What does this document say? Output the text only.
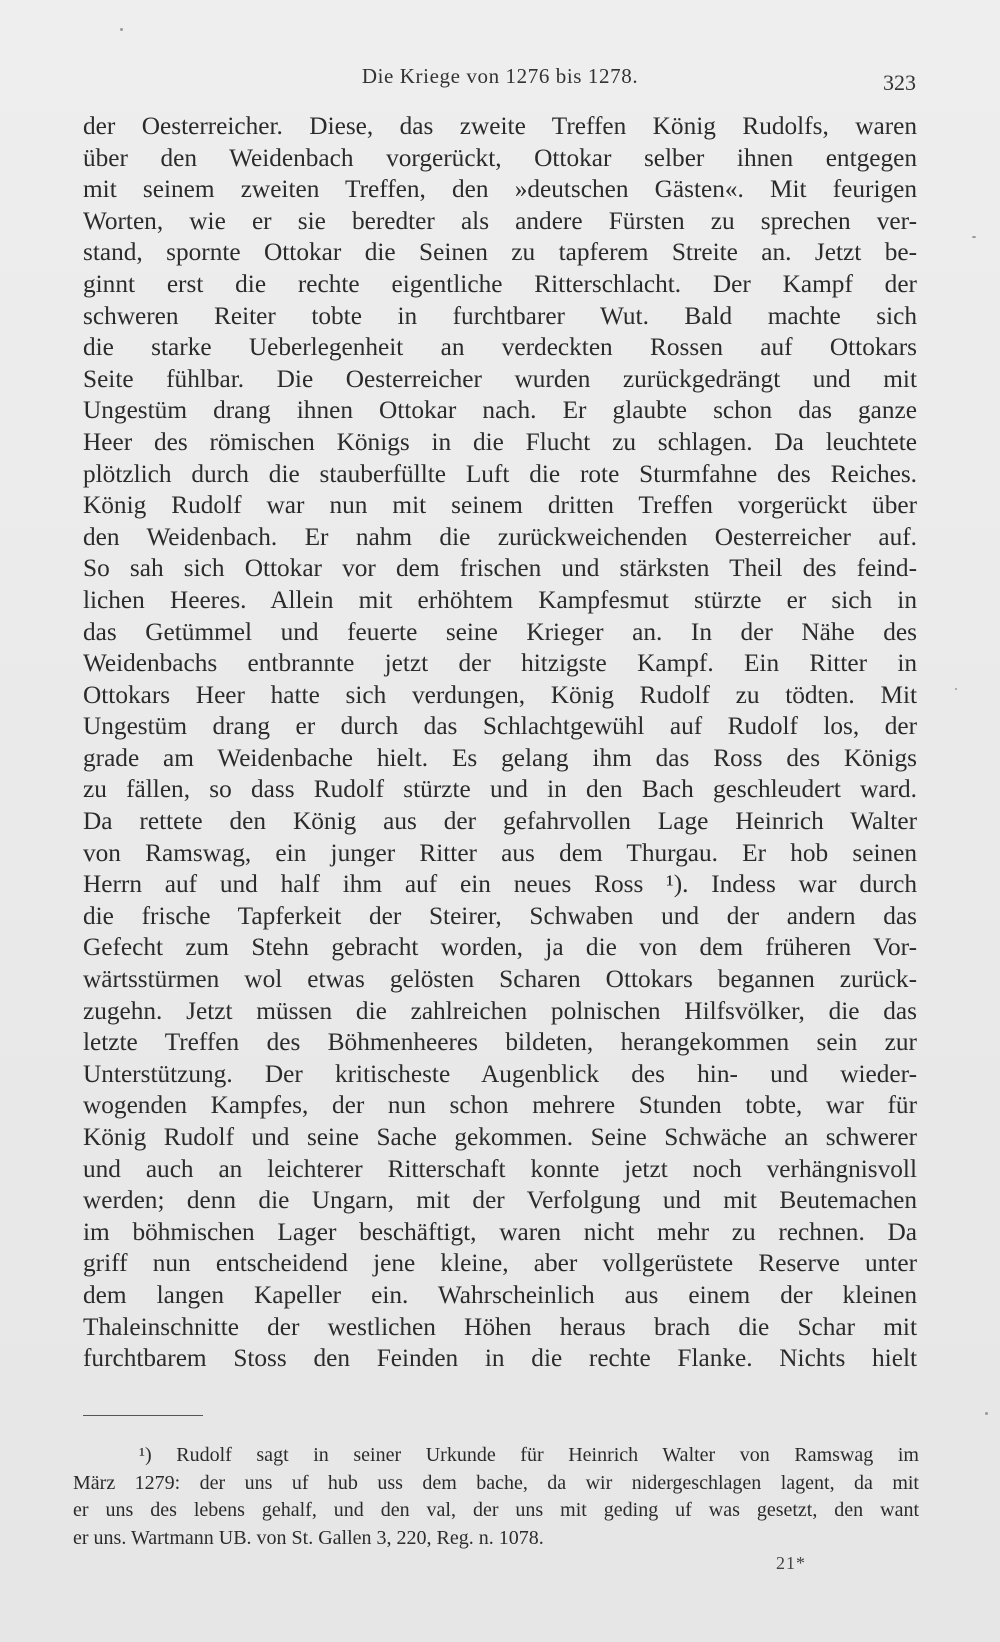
Die Kriege von 1276 bis 1278.	323
der Oesterreicher. Diese, das zweite Treffen König Rudolfs, waren
über den Weidenbach vorgerückt, Ottokar selber ihnen entgegen
mit seinem zweiten Treffen, den »deutschen Gästen«. Mit feurigen
Worten, wie er sie beredter als andere Fürsten zu sprechen ver-
stand, spornte Ottokar die Seinen zu tapferem Streite an. Jetzt be-
ginnt erst die rechte eigentliche Ritterschlacht. Der Kampf der
schweren Reiter tobte in furchtbarer Wut. Bald machte sich
die starke Ueberlegenheit an verdeckten Rossen auf Ottokars
Seite fühlbar. Die Oesterreicher wurden zurückgedrängt und mit
Ungestüm drang ihnen Ottokar nach. Er glaubte schon das ganze
Heer des römischen Königs in die Flucht zu schlagen. Da leuchtete
plötzlich durch die stauberfüllte Luft die rote Sturmfahne des Reiches.
König Rudolf war nun mit seinem dritten Treffen vorgerückt über
den Weidenbach. Er nahm die zurückweichenden Oesterreicher auf.
So sah sich Ottokar vor dem frischen und stärksten Theil des feind-
lichen Heeres. Allein mit erhöhtem Kampfesmut stürzte er sich in
das Getümmel und feuerte seine Krieger an. In der Nähe des
Weidenbachs entbrannte jetzt der hitzigste Kampf. Ein Ritter in
Ottokars Heer hatte sich verdungen, König Rudolf zu tödten. Mit
Ungestüm drang er durch das Schlachtgewühl auf Rudolf los, der
grade am Weidenbache hielt. Es gelang ihm das Ross des Königs
zu fällen, so dass Rudolf stürzte und in den Bach geschleudert ward.
Da rettete den König aus der gefahrvollen Lage Heinrich Walter
von Ramswag, ein junger Ritter aus dem Thurgau. Er hob seinen
Herrn auf und half ihm auf ein neues Ross ¹). Indess war durch
die frische Tapferkeit der Steirer, Schwaben und der andern das
Gefecht zum Stehn gebracht worden, ja die von dem früheren Vor-
wärtsstürmen wol etwas gelösten Scharen Ottokars begannen zurück-
zugehn. Jetzt müssen die zahlreichen polnischen Hilfsvölker, die das
letzte Treffen des Böhmenheeres bildeten, herangekommen sein zur
Unterstützung. Der kritischeste Augenblick des hin- und wieder-
wogenden Kampfes, der nun schon mehrere Stunden tobte, war für
König Rudolf und seine Sache gekommen. Seine Schwäche an schwerer
und auch an leichterer Ritterschaft konnte jetzt noch verhängnisvoll
werden; denn die Ungarn, mit der Verfolgung und mit Beutemachen
im böhmischen Lager beschäftigt, waren nicht mehr zu rechnen. Da
griff nun entscheidend jene kleine, aber vollgerüstete Reserve unter
dem langen Kapeller ein. Wahrscheinlich aus einem der kleinen
Thaleinschnitte der westlichen Höhen heraus brach die Schar mit
furchtbarem Stoss den Feinden in die rechte Flanke. Nichts hielt
¹) Rudolf sagt in seiner Urkunde für Heinrich Walter von Ramswag im
März 1279: der uns uf hub uss dem bache, da wir nidergeschlagen lagent, da mit
er uns des lebens gehalf, und den val, der uns mit geding uf was gesetzt, den want
er uns. Wartmann UB. von St. Gallen 3, 220, Reg. n. 1078.
21*
